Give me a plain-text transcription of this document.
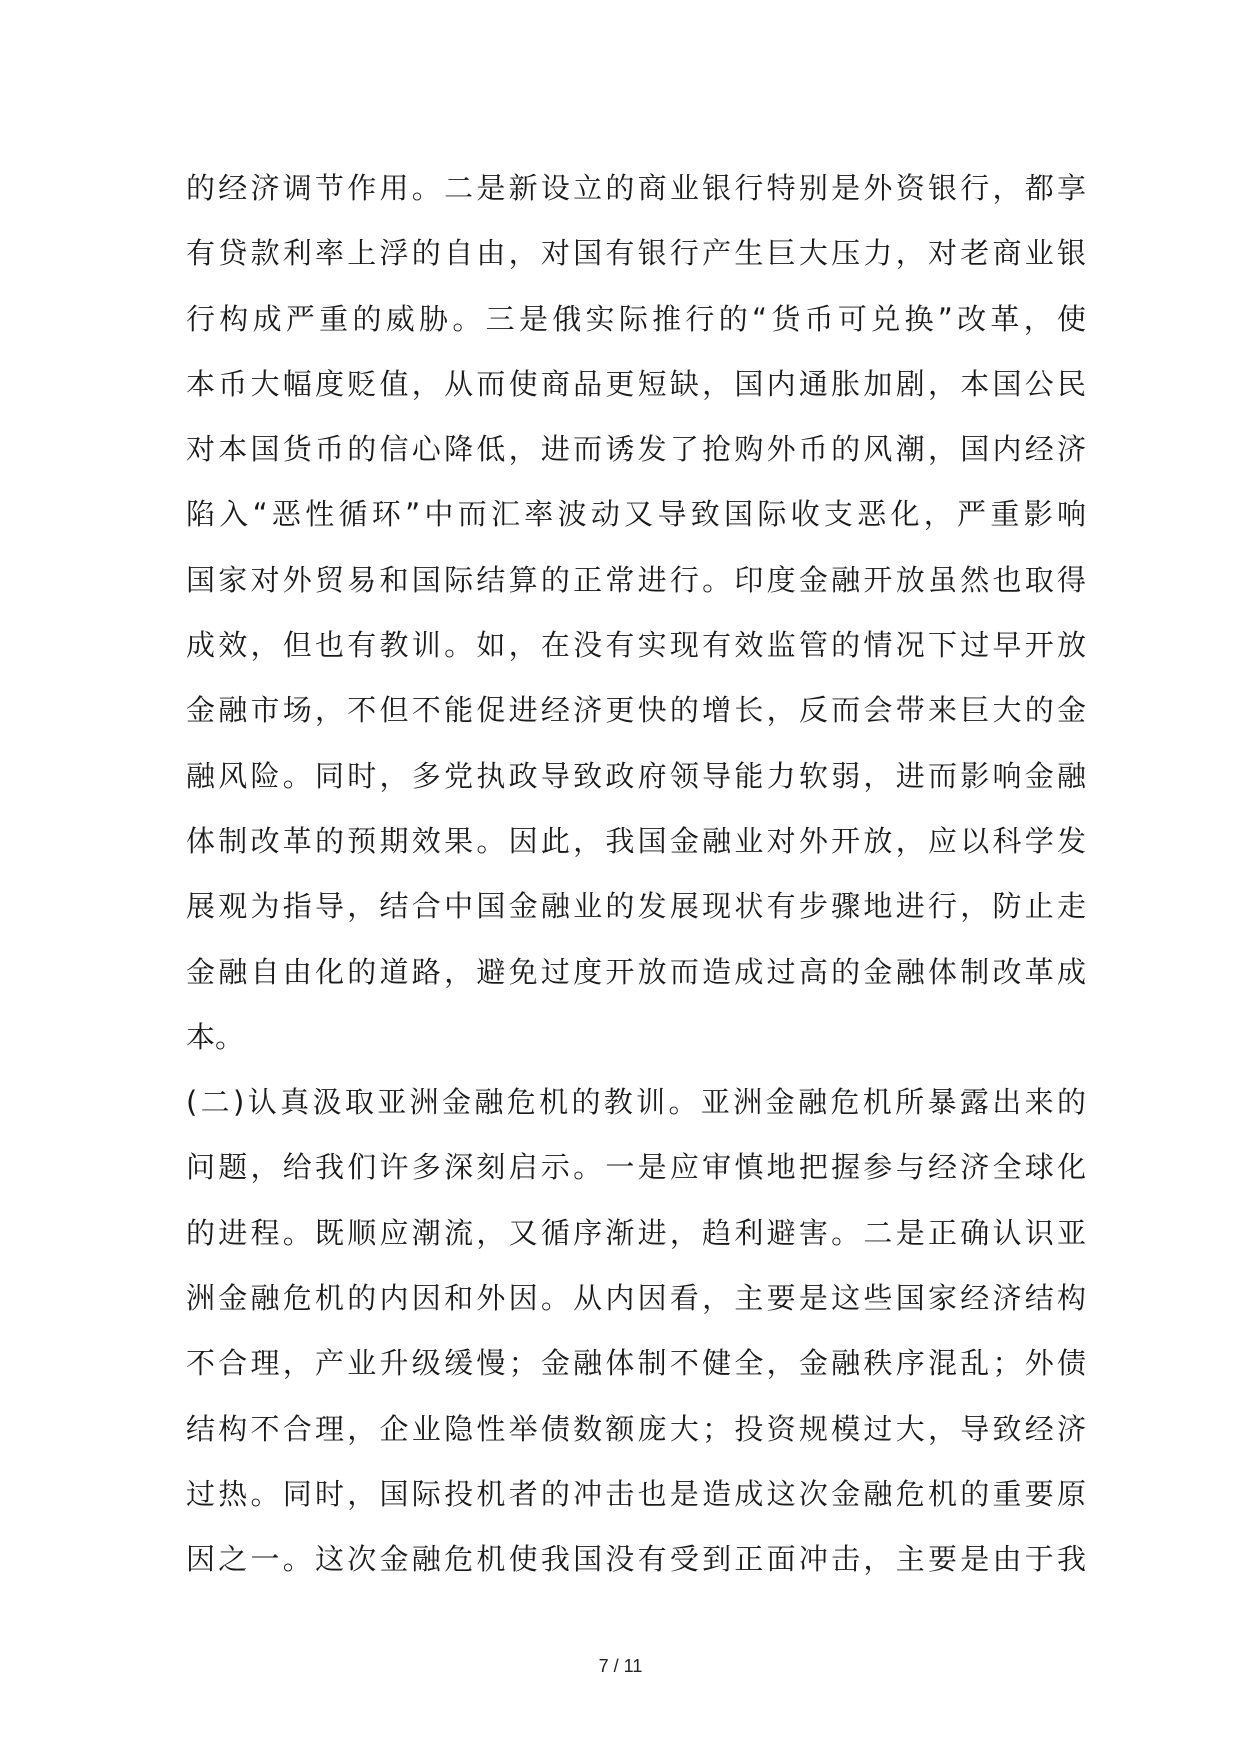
的经济调节作用。二是新设立的商业银行特别是外资银行，都享
有贷款利率上浮的自由，对国有银行产生巨大压力，对老商业银
行构成严重的威胁。三是俄实际推行的“货币可兑换”改革，使
本币大幅度贬值，从而使商品更短缺，国内通胀加剧，本国公民
对本国货币的信心降低，进而诱发了抢购外币的风潮，国内经济
陷入“恶性循环”中而汇率波动又导致国际收支恶化，严重影响
国家对外贸易和国际结算的正常进行。印度金融开放虽然也取得
成效，但也有教训。如，在没有实现有效监管的情况下过早开放
金融市场，不但不能促进经济更快的增长，反而会带来巨大的金
融风险。同时，多党执政导致政府领导能力软弱，进而影响金融
体制改革的预期效果。因此，我国金融业对外开放，应以科学发
展观为指导，结合中国金融业的发展现状有步骤地进行，防止走
金融自由化的道路，避免过度开放而造成过高的金融体制改革成
本。
(二)认真汲取亚洲金融危机的教训。亚洲金融危机所暴露出来的
问题，给我们许多深刻启示。一是应审慎地把握参与经济全球化
的进程。既顺应潮流，又循序渐进，趋利避害。二是正确认识亚
洲金融危机的内因和外因。从内因看，主要是这些国家经济结构
不合理，产业升级缓慢；金融体制不健全，金融秩序混乱；外债
结构不合理，企业隐性举债数额庞大；投资规模过大，导致经济
过热。同时，国际投机者的冲击也是造成这次金融危机的重要原
因之一。这次金融危机使我国没有受到正面冲击，主要是由于我
7 / 11
